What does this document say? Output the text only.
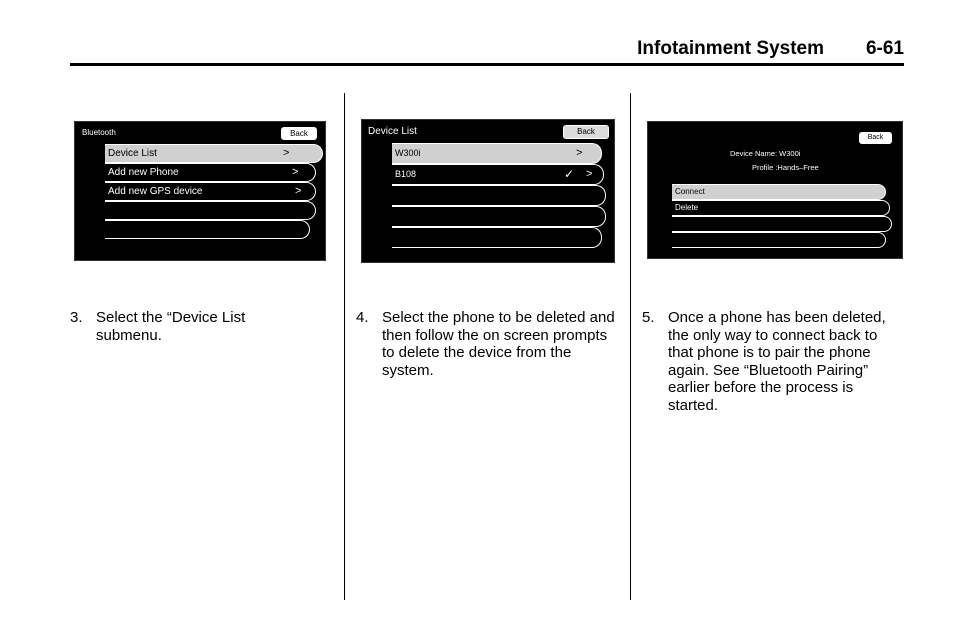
Infotainment System 6-61
Bluetooth	Back
Device List	>
Add new Phone	>
Add new GPS device	>
Device List	Back
W300i	>
B108	✓ >
Back
Device Name: W300i
Profile :Hands–Free
Connect
Delete
3. Select the “Device List submenu.
4. Select the phone to be deleted and then follow the on screen prompts to delete the device from the system.
5. Once a phone has been deleted, the only way to connect back to that phone is to pair the phone again. See “Bluetooth Pairing” earlier before the process is started.
